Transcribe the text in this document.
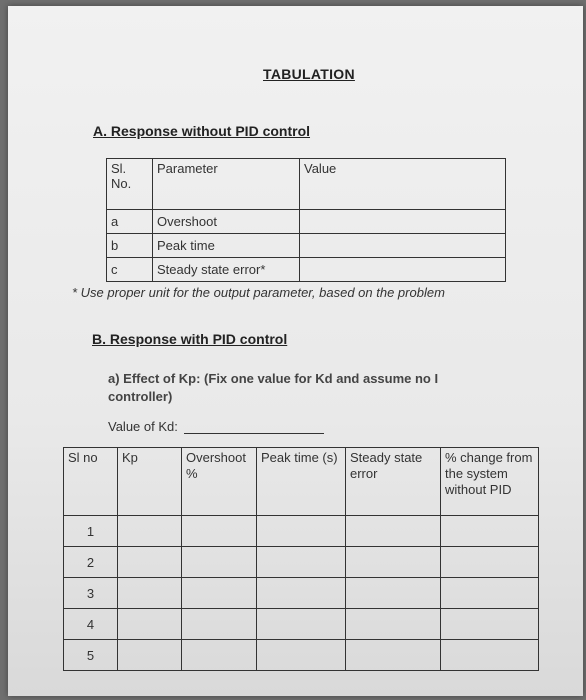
TABULATION
A. Response without PID control
Sl. No.	Parameter	Value
a	Overshoot	
b	Peak time	
c	Steady state error*	
* Use proper unit for the output parameter, based on the problem
B. Response with PID control
a) Effect of Kp: (Fix one value for Kd and assume no I controller)
Value of Kd:
Sl no	Kp	Overshoot %	Peak time (s)	Steady state error	% change from the system without PID
1					
2					
3					
4					
5					
